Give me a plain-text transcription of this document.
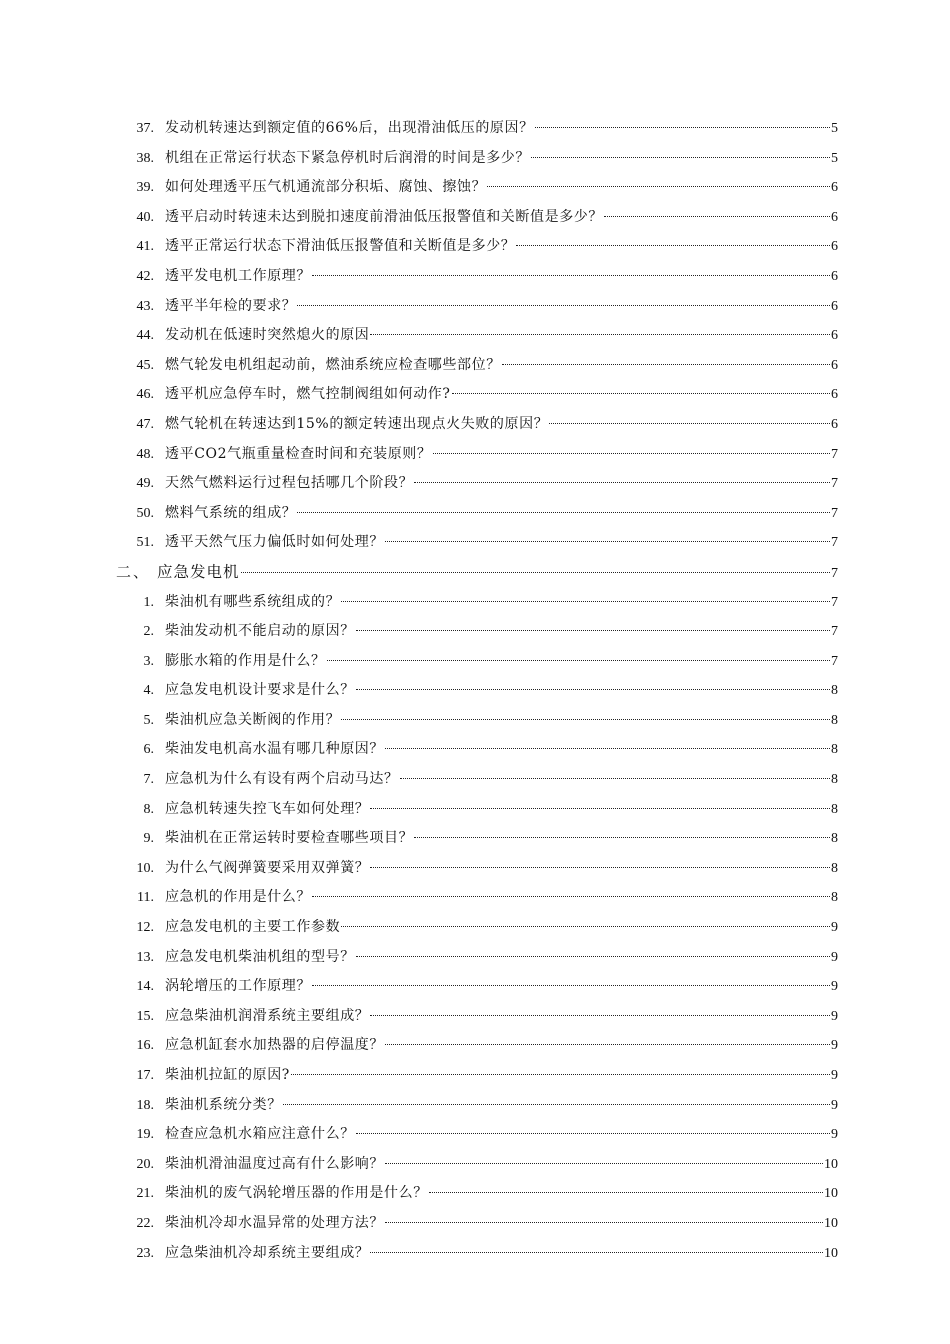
37. 发动机转速达到额定值的66%后，出现滑油低压的原因？	5
38. 机组在正常运行状态下紧急停机时后润滑的时间是多少？	5
39. 如何处理透平压气机通流部分积垢、腐蚀、擦蚀？	6
40. 透平启动时转速未达到脱扣速度前滑油低压报警值和关断值是多少？	6
41. 透平正常运行状态下滑油低压报警值和关断值是多少？	6
42. 透平发电机工作原理？	6
43. 透平半年检的要求？	6
44. 发动机在低速时突然熄火的原因	6
45. 燃气轮发电机组起动前，燃油系统应检查哪些部位？	6
46. 透平机应急停车时，燃气控制阀组如何动作?	6
47. 燃气轮机在转速达到15%的额定转速出现点火失败的原因？	6
48. 透平CO2气瓶重量检查时间和充装原则？	7
49. 天然气燃料运行过程包括哪几个阶段？	7
50. 燃料气系统的组成？	7
51. 透平天然气压力偏低时如何处理？	7
二、 应急发电机	7
1. 柴油机有哪些系统组成的？	7
2. 柴油发动机不能启动的原因？	7
3. 膨胀水箱的作用是什么？	7
4. 应急发电机设计要求是什么？	8
5. 柴油机应急关断阀的作用？	8
6. 柴油发电机高水温有哪几种原因？	8
7. 应急机为什么有设有两个启动马达？	8
8. 应急机转速失控飞车如何处理？	8
9. 柴油机在正常运转时要检查哪些项目？	8
10. 为什么气阀弹簧要采用双弹簧？	8
11. 应急机的作用是什么？	8
12. 应急发电机的主要工作参数	9
13. 应急发电机柴油机组的型号？	9
14. 涡轮增压的工作原理？	9
15. 应急柴油机润滑系统主要组成？	9
16. 应急机缸套水加热器的启停温度？	9
17. 柴油机拉缸的原因?	9
18. 柴油机系统分类？	9
19. 检查应急机水箱应注意什么？	9
20. 柴油机滑油温度过高有什么影响？	10
21. 柴油机的废气涡轮增压器的作用是什么？	10
22. 柴油机冷却水温异常的处理方法？	10
23. 应急柴油机冷却系统主要组成？	10
